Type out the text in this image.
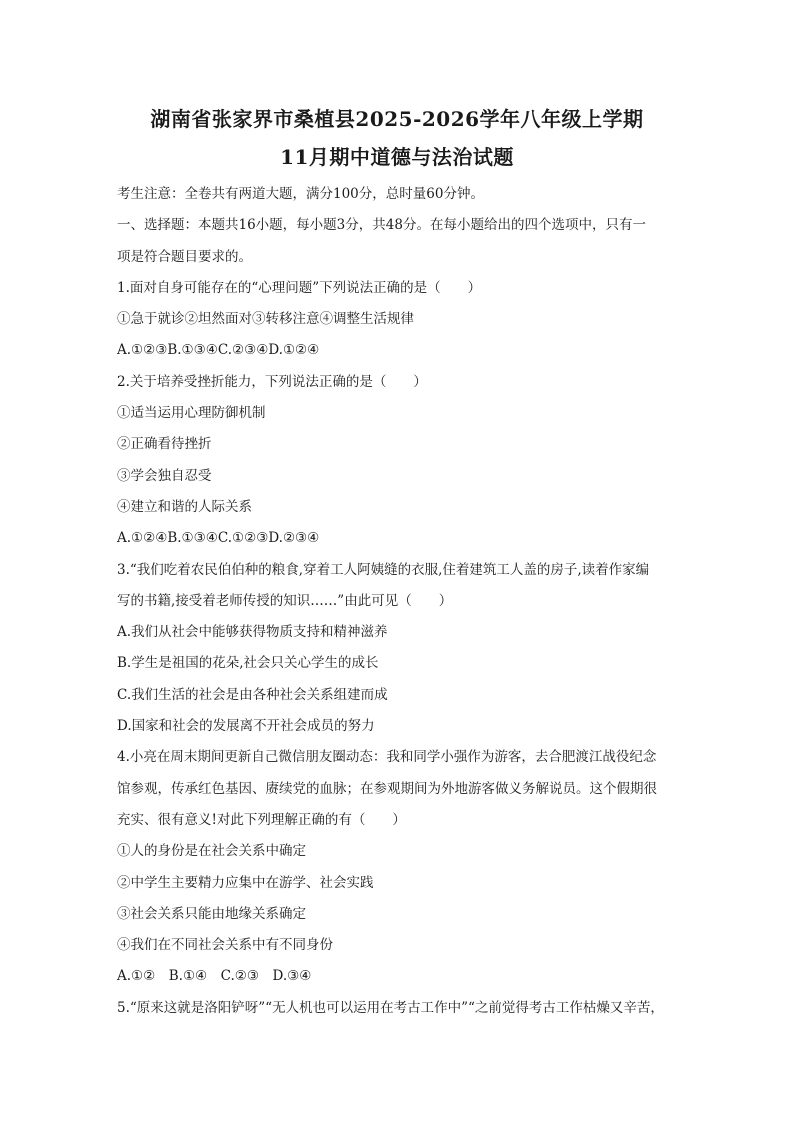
湖南省张家界市桑植县2025-2026学年八年级上学期

11月期中道德与法治试题

考生注意：全卷共有两道大题，满分100分，总时量60分钟。

一、选择题：本题共16小题，每小题3分，共48分。在每小题给出的四个选项中，只有一

项是符合题目要求的。

1.面对自身可能存在的“心理问题”下列说法正确的是（　　）

①急于就诊②坦然面对③转移注意④调整生活规律

A.①②③B.①③④C.②③④D.①②④

2.关于培养受挫折能力，下列说法正确的是（　　）

①适当运用心理防御机制

②正确看待挫折

③学会独自忍受

④建立和谐的人际关系

A.①②④B.①③④C.①②③D.②③④

3.“我们吃着农民伯伯种的粮食,穿着工人阿姨缝的衣服,住着建筑工人盖的房子,读着作家编

写的书籍,接受着老师传授的知识……”由此可见（　　）

A.我们从社会中能够获得物质支持和精神滋养

B.学生是祖国的花朵,社会只关心学生的成长

C.我们生活的社会是由各种社会关系组建而成

D.国家和社会的发展离不开社会成员的努力

4.小亮在周末期间更新自己微信朋友圈动态：我和同学小强作为游客，去合肥渡江战役纪念

馆参观，传承红色基因、赓续党的血脉；在参观期间为外地游客做义务解说员。这个假期很

充实、很有意义!对此下列理解正确的有（　　）

①人的身份是在社会关系中确定

②中学生主要精力应集中在游学、社会实践

③社会关系只能由地缘关系确定

④我们在不同社会关系中有不同身份

A.①②　B.①④　C.②③　D.③④

5.“原来这就是洛阳铲呀”“无人机也可以运用在考古工作中”“之前觉得考古工作枯燥又辛苦，
